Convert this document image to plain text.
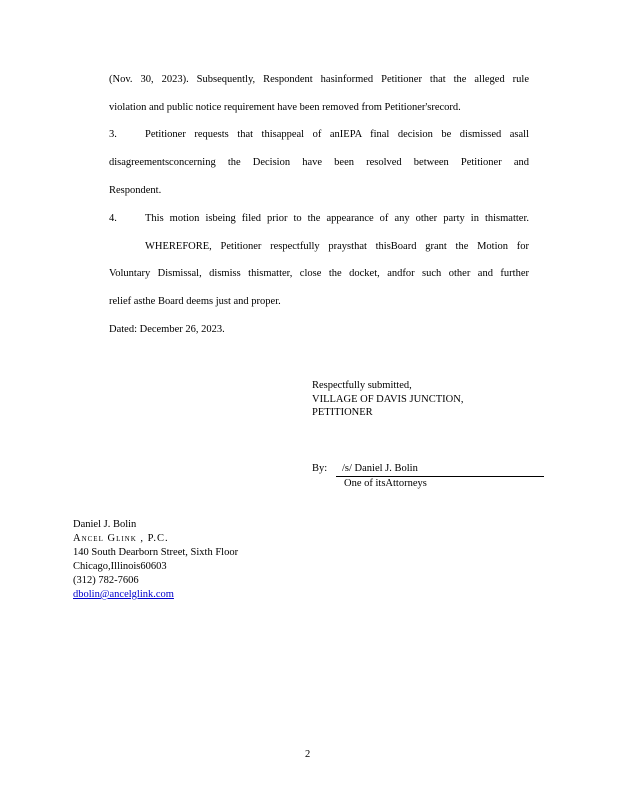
(Nov. 30, 2023). Subsequently, Respondent hasinformed Petitioner that the alleged rule
violation and public notice requirement have been removed from Petitioner'srecord.
3.	Petitioner requests that thisappeal of anIEPA final decision be dismissed asall
disagreementsconcerning the Decision have been resolved between Petitioner and
Respondent.
4.	This motion isbeing filed prior to the appearance of any other party in thismatter.
WHEREFORE, Petitioner respectfully praysthat thisBoard grant the Motion for
Voluntary Dismissal, dismiss thismatter, close the docket, andfor such other and further
relief asthe Board deems just and proper.
Dated: December 26, 2023.
Respectfully submitted,
VILLAGE OF DAVIS JUNCTION,
PETITIONER
By: /s/ Daniel J. Bolin
One of itsAttorneys
Daniel J. Bolin
Ancel Glink , P.C.
140 South Dearborn Street, Sixth Floor
Chicago,Illinois60603
(312) 782-7606
dbolin@ancelglink.com
2
